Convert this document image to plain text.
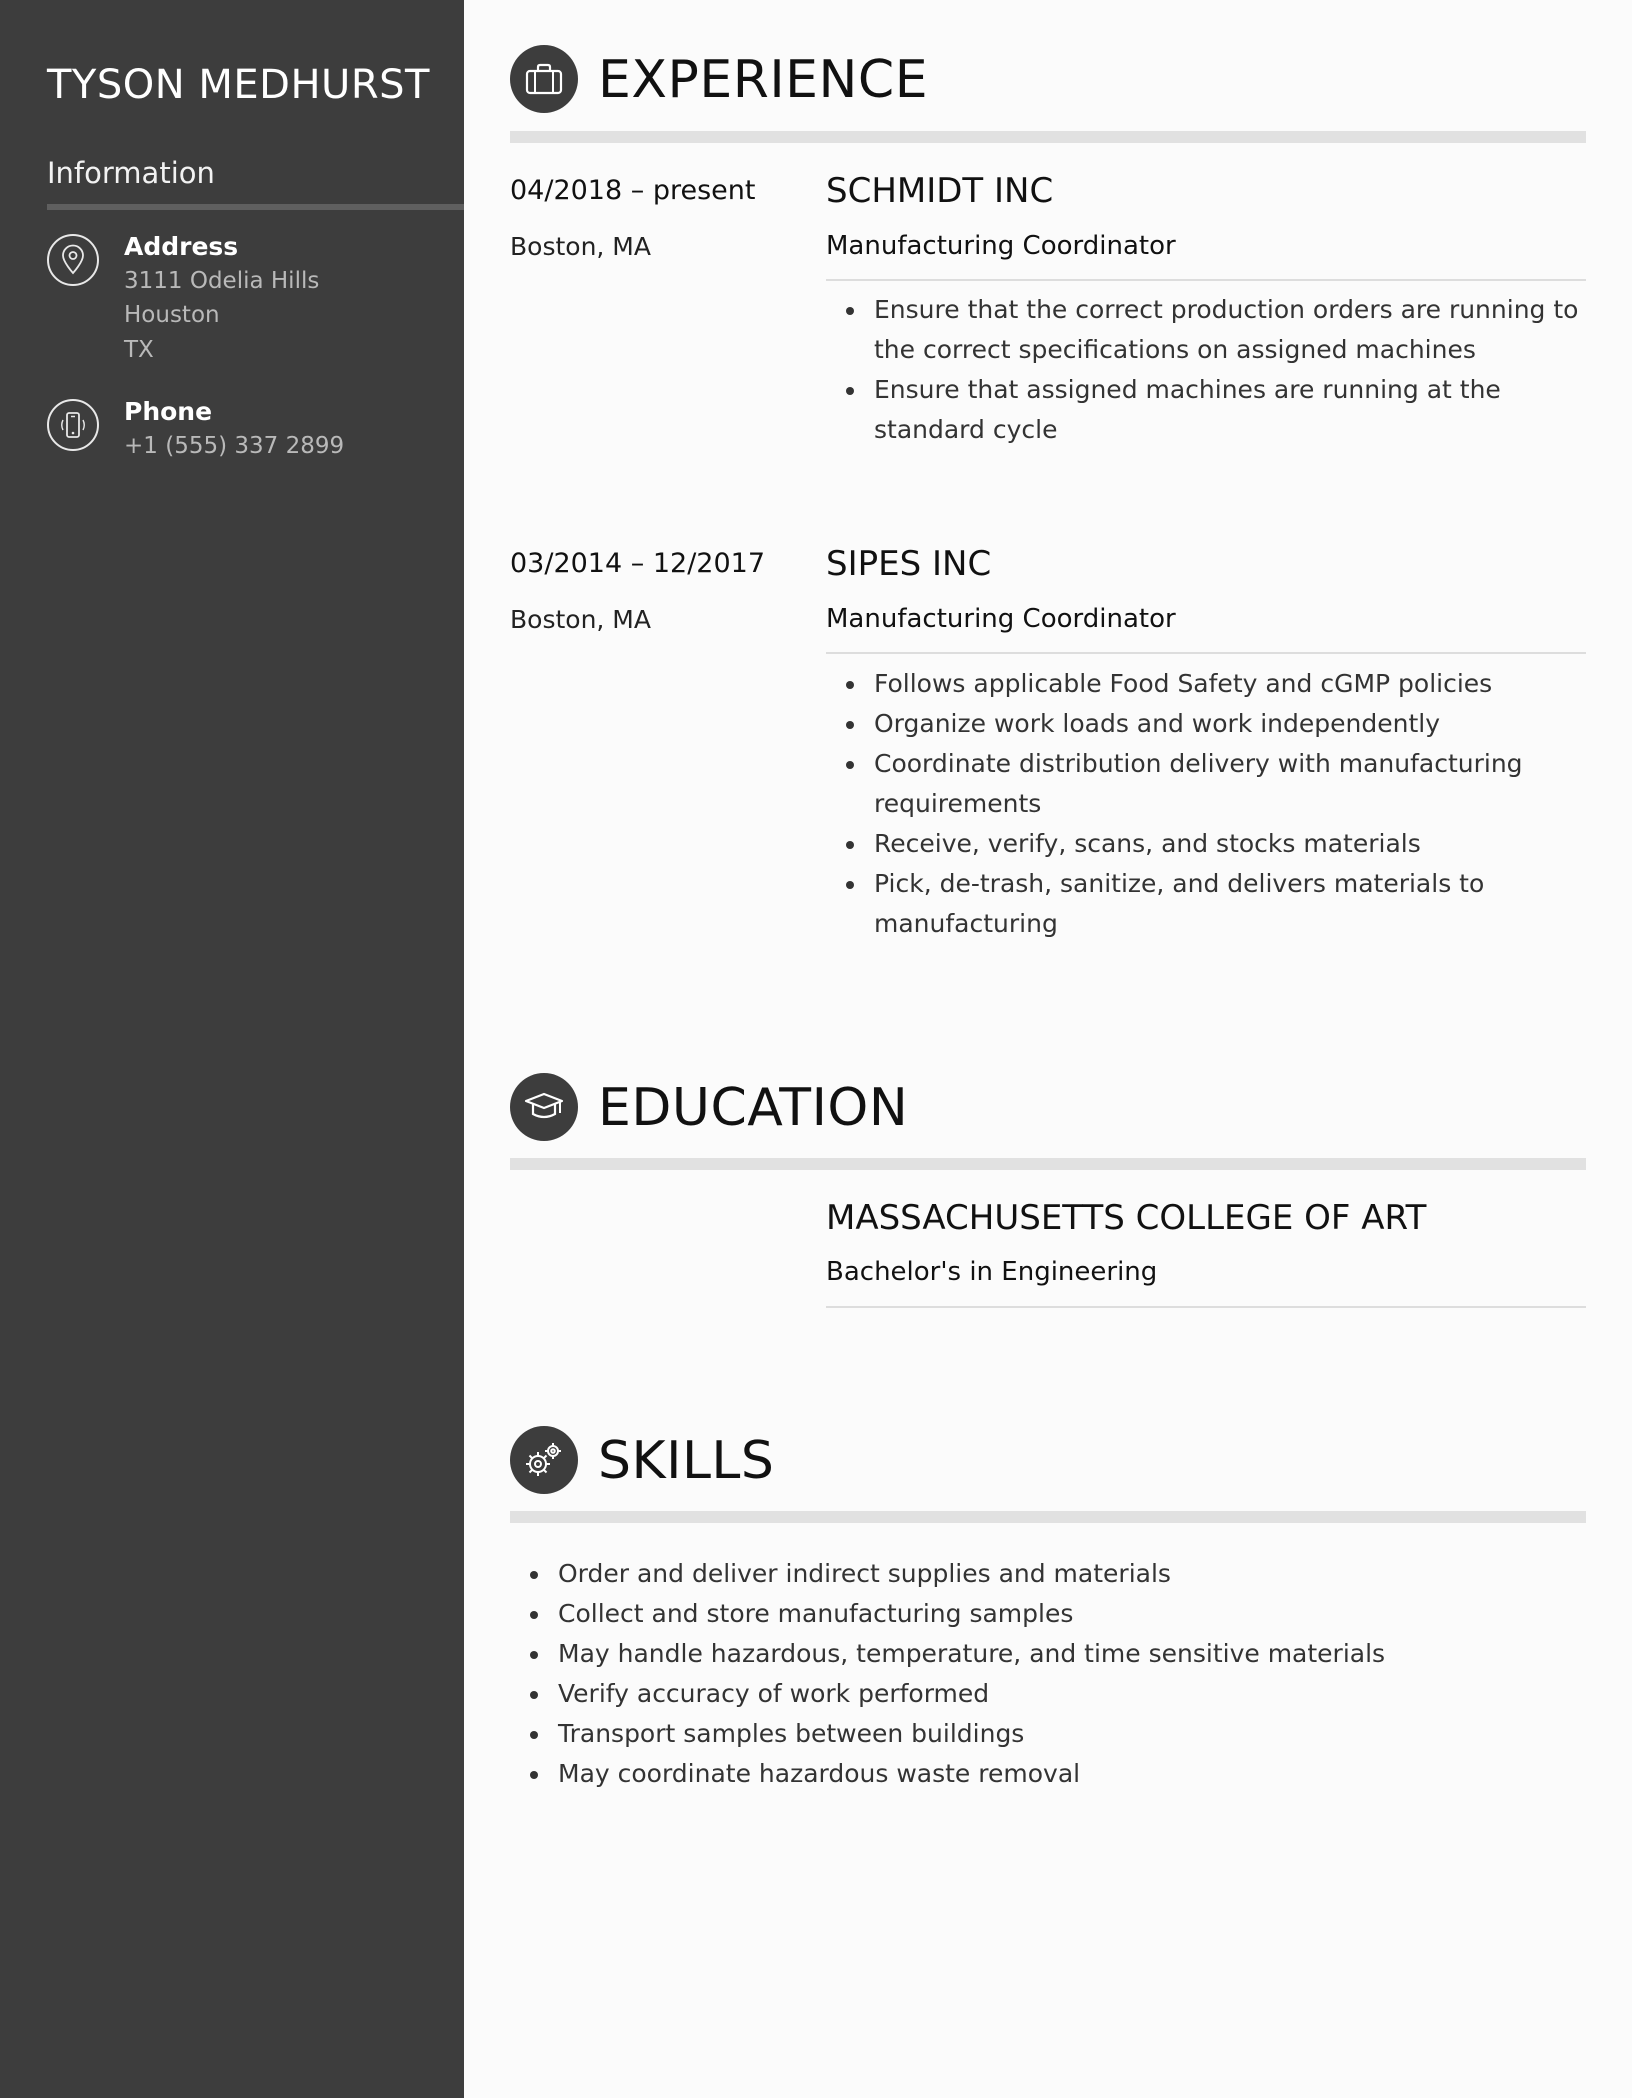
TYSON MEDHURST
Information
Address
3111 Odelia Hills
Houston
TX
Phone
+1 (555) 337 2899
EXPERIENCE
04/2018 – present
Boston, MA
SCHMIDT INC
Manufacturing Coordinator
Ensure that the correct production orders are running to the correct specifications on assigned machines
Ensure that assigned machines are running at the standard cycle
03/2014 – 12/2017
Boston, MA
SIPES INC
Manufacturing Coordinator
Follows applicable Food Safety and cGMP policies
Organize work loads and work independently
Coordinate distribution delivery with manufacturing requirements
Receive, verify, scans, and stocks materials
Pick, de-trash, sanitize, and delivers materials to manufacturing
EDUCATION
MASSACHUSETTS COLLEGE OF ART
Bachelor's in Engineering
SKILLS
Order and deliver indirect supplies and materials
Collect and store manufacturing samples
May handle hazardous, temperature, and time sensitive materials
Verify accuracy of work performed
Transport samples between buildings
May coordinate hazardous waste removal
